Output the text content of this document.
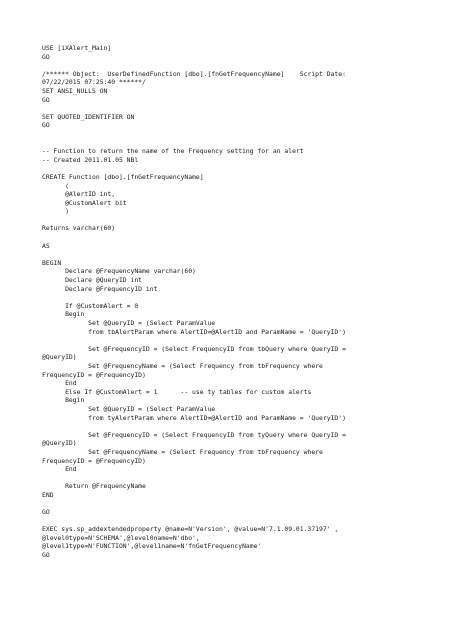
USE [iXAlert_Main]
GO
/****** Object:  UserDefinedFunction [dbo].[fnGetFrequencyName]    Script Date:
07/22/2015 07:25:40 ******/
SET ANSI_NULLS ON
GO
SET QUOTED_IDENTIFIER ON
GO
-- Function to return the name of the Frequency setting for an alert
-- Created 2011.01.05 NBl
CREATE Function [dbo].[fnGetFrequencyName]
(
@AlertID int,
@CustomAlert bit
)
Returns varchar(60)
AS
BEGIN
Declare @FrequencyName varchar(60)
Declare @QueryID int
Declare @FrequencyID int
If @CustomAlert = 0
Begin
Set @QueryID = (Select ParamValue
from tbAlertParam where AlertID=@AlertID and ParamName = 'QueryID')
Set @FrequencyID = (Select FrequencyID from tbQuery where QueryID =
@QueryID)
Set @FrequencyName = (Select Frequency from tbFrequency where
FrequencyID = @FrequencyID)
End
Else If @CustomAlert = 1      -- use ty tables for custom alerts
Begin
Set @QueryID = (Select ParamValue
from tyAlertParam where AlertID=@AlertID and ParamName = 'QueryID')
Set @FrequencyID = (Select FrequencyID from tyQuery where QueryID =
@QueryID)
Set @FrequencyName = (Select Frequency from tbFrequency where
FrequencyID = @FrequencyID)
End
Return @FrequencyName
END
GO
EXEC sys.sp_addextendedproperty @name=N'Version', @value=N'7.1.09.01.37197' ,
@level0type=N'SCHEMA',@level0name=N'dbo',
@level1type=N'FUNCTION',@level1name=N'fnGetFrequencyName'
GO
